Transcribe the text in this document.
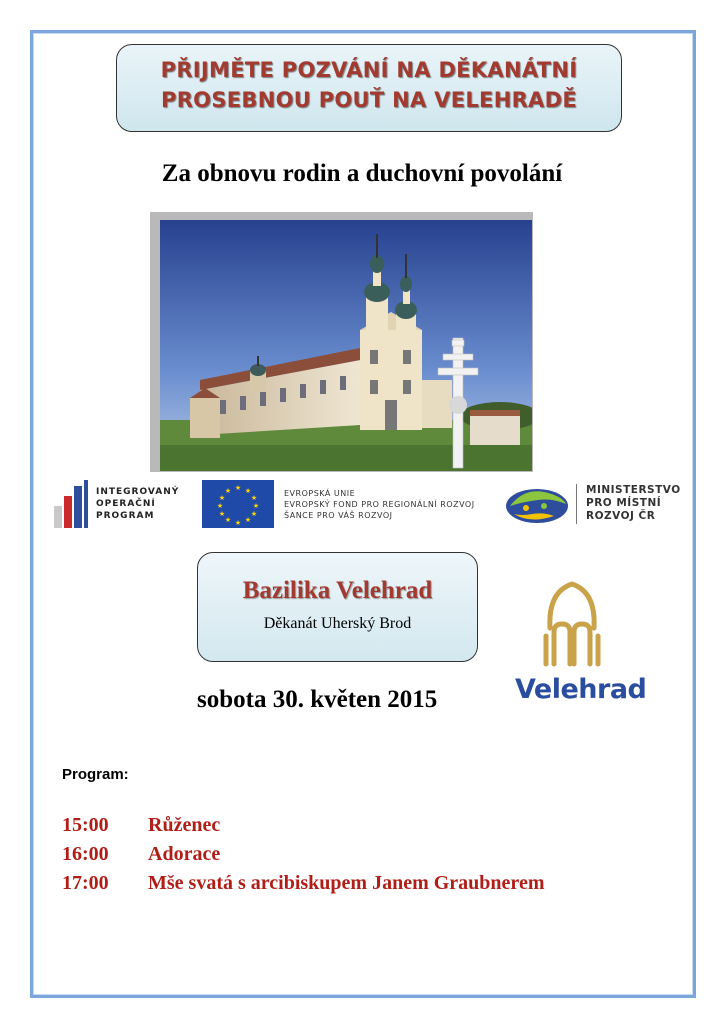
PŘIJMĚTE POZVÁNÍ NA DĚKANÁTNÍ
PROSEBNOU POUŤ NA VELEHRADĚ
Za obnovu rodin a duchovní povolání
INTEGROVANÝ
OPERAČNÍ
PROGRAM
★ ★
★
★
★
★
★
★
★
★
★
★	EVROPSKÁ UNIE
EVROPSKÝ FOND PRO REGIONÁLNÍ ROZVOJ
ŠANCE PRO VÁŠ ROZVOJ
MINISTERSTVO
PRO MÍSTNÍ
ROZVOJ ČR
Bazilika Velehrad
Děkanát Uherský Brod
Velehrad
sobota 30. květen 2015
Program:
15:00 Růženec
16:00 Adorace
17:00 Mše svatá s arcibiskupem Janem Graubnerem
